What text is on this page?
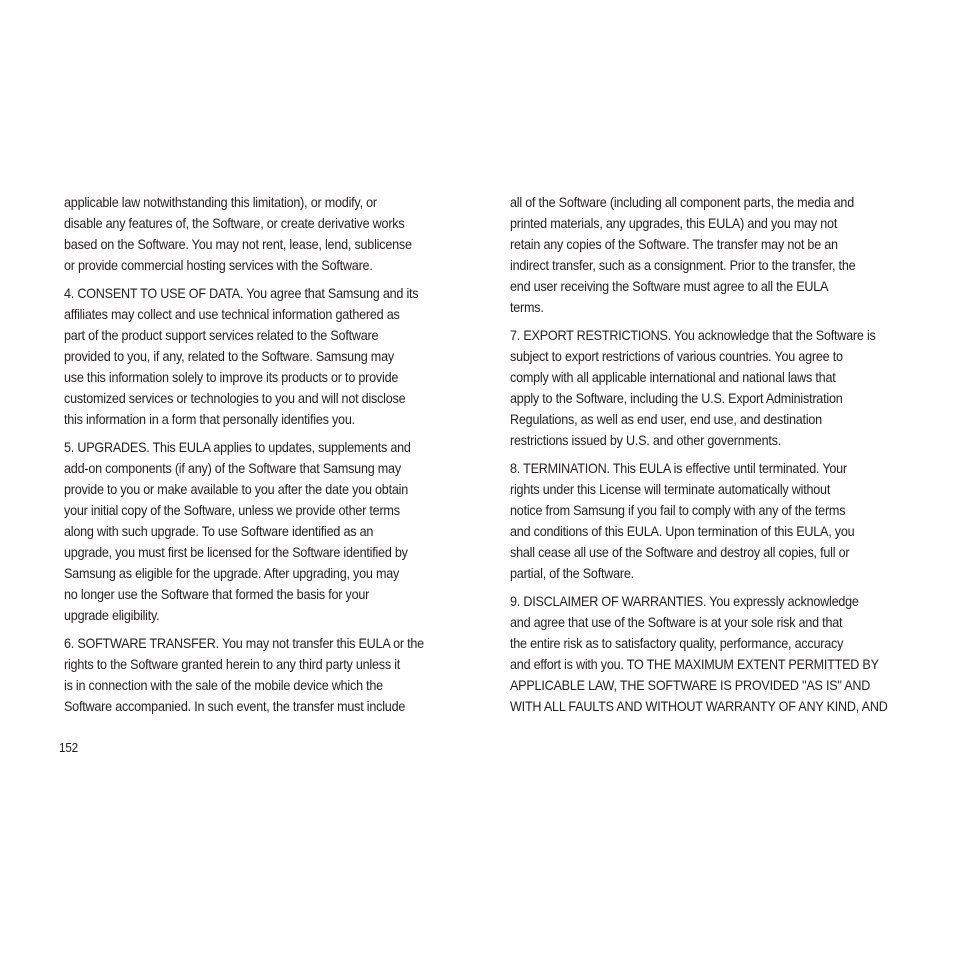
applicable law notwithstanding this limitation), or modify, or
disable any features of, the Software, or create derivative works
based on the Software. You may not rent, lease, lend, sublicense
or provide commercial hosting services with the Software.

4. CONSENT TO USE OF DATA. You agree that Samsung and its
affiliates may collect and use technical information gathered as
part of the product support services related to the Software
provided to you, if any, related to the Software. Samsung may
use this information solely to improve its products or to provide
customized services or technologies to you and will not disclose
this information in a form that personally identifies you.

5. UPGRADES. This EULA applies to updates, supplements and
add-on components (if any) of the Software that Samsung may
provide to you or make available to you after the date you obtain
your initial copy of the Software, unless we provide other terms
along with such upgrade. To use Software identified as an
upgrade, you must first be licensed for the Software identified by
Samsung as eligible for the upgrade. After upgrading, you may
no longer use the Software that formed the basis for your
upgrade eligibility.

6. SOFTWARE TRANSFER. You may not transfer this EULA or the
rights to the Software granted herein to any third party unless it
is in connection with the sale of the mobile device which the
Software accompanied. In such event, the transfer must include

all of the Software (including all component parts, the media and
printed materials, any upgrades, this EULA) and you may not
retain any copies of the Software. The transfer may not be an
indirect transfer, such as a consignment. Prior to the transfer, the
end user receiving the Software must agree to all the EULA
terms.

7. EXPORT RESTRICTIONS. You acknowledge that the Software is
subject to export restrictions of various countries. You agree to
comply with all applicable international and national laws that
apply to the Software, including the U.S. Export Administration
Regulations, as well as end user, end use, and destination
restrictions issued by U.S. and other governments.

8. TERMINATION. This EULA is effective until terminated. Your
rights under this License will terminate automatically without
notice from Samsung if you fail to comply with any of the terms
and conditions of this EULA. Upon termination of this EULA, you
shall cease all use of the Software and destroy all copies, full or
partial, of the Software.

9. DISCLAIMER OF WARRANTIES. You expressly acknowledge
and agree that use of the Software is at your sole risk and that
the entire risk as to satisfactory quality, performance, accuracy
and effort is with you. TO THE MAXIMUM EXTENT PERMITTED BY
APPLICABLE LAW, THE SOFTWARE IS PROVIDED "AS IS" AND
WITH ALL FAULTS AND WITHOUT WARRANTY OF ANY KIND, AND

152
